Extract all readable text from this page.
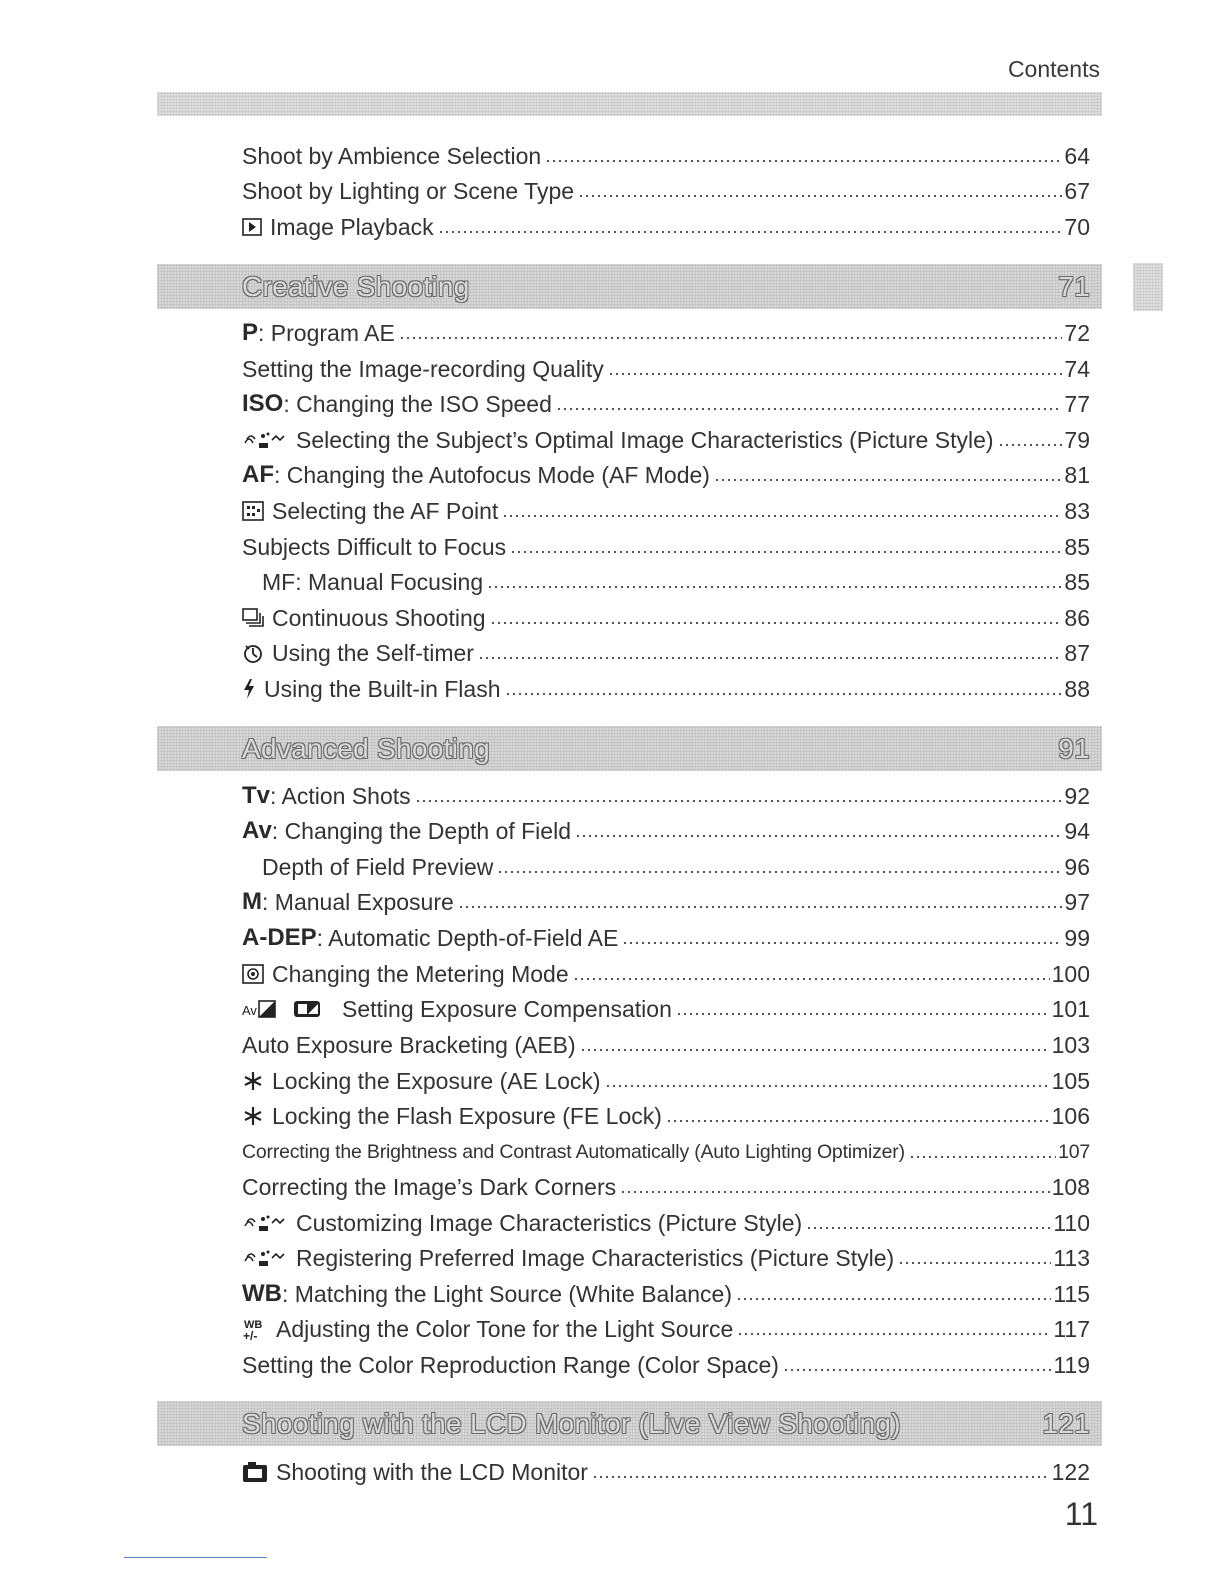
Contents
Shoot by Ambience Selection	64
Shoot by Lighting or Scene Type	67
Image Playback	70
Creative Shooting	71
P : Program AE	72
Setting the Image-recording Quality	74
ISO : Changing the ISO Speed	77
Selecting the Subject’s Optimal Image Characteristics (Picture Style)	79
AF : Changing the Autofocus Mode (AF Mode)	81
Selecting the AF Point	83
Subjects Difficult to Focus	85
MF: Manual Focusing	85
Continuous Shooting	86
Using the Self-timer	87
Using the Built-in Flash	88
Advanced Shooting	91
Tv : Action Shots	92
Av : Changing the Depth of Field	94
Depth of Field Preview	96
M : Manual Exposure	97
A-DEP : Automatic Depth-of-Field AE	99
Changing the Metering Mode	100
Av	Setting Exposure Compensation	101
Auto Exposure Bracketing (AEB)	103
Locking the Exposure (AE Lock)	105
Locking the Flash Exposure (FE Lock)	106
Correcting the Brightness and Contrast Automatically (Auto Lighting Optimizer)	107
Correcting the Image’s Dark Corners	108
Customizing Image Characteristics (Picture Style)	110
Registering Preferred Image Characteristics (Picture Style)	113
WB : Matching the Light Source (White Balance)	115
WB
+/- Adjusting the Color Tone for the Light Source	117
Setting the Color Reproduction Range (Color Space)	119
Shooting with the LCD Monitor (Live View Shooting)	121
Shooting with the LCD Monitor	122
11
